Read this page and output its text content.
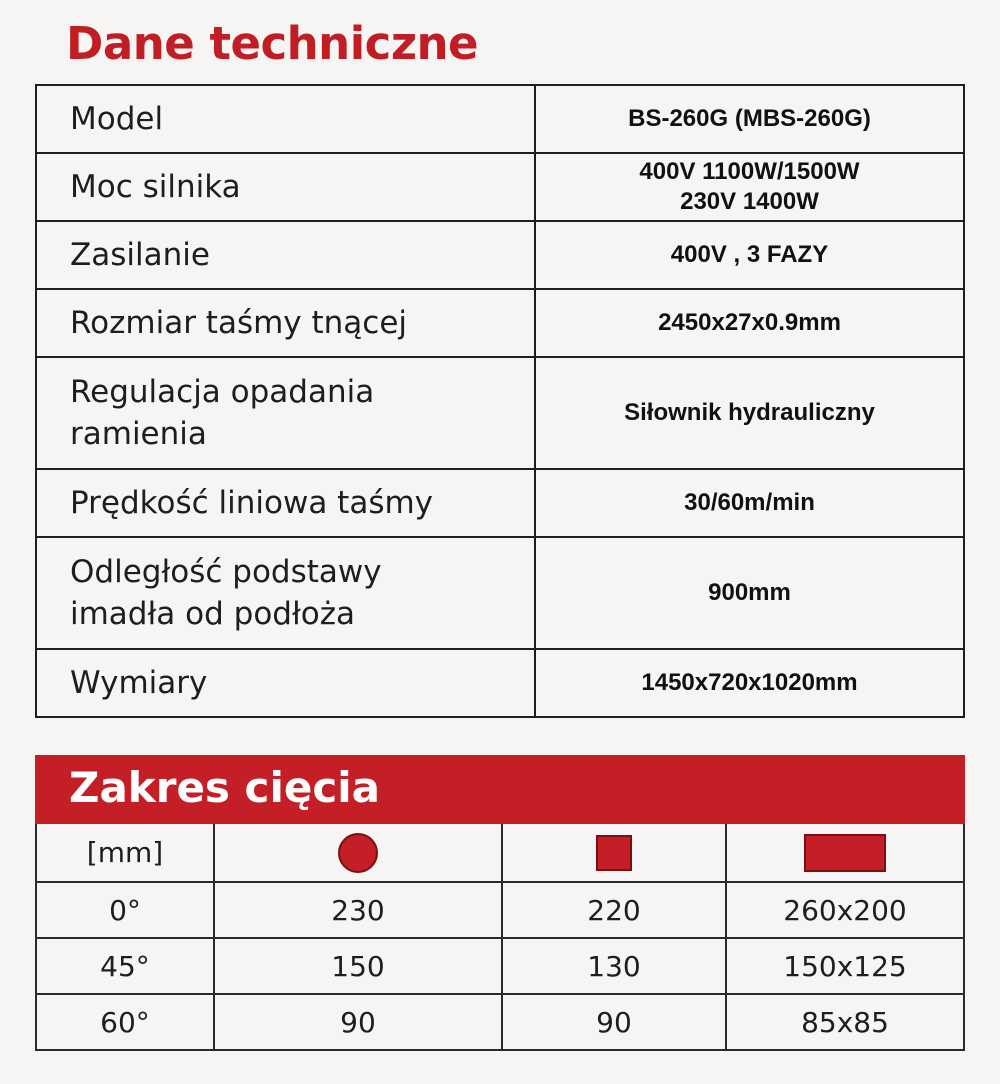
Dane techniczne
Model	BS-260G (MBS-260G)
Moc silnika	400V 1100W/1500W
230V 1400W

Zasilanie	400V , 3 FAZY
Rozmiar taśmy tnącej	2450x27x0.9mm

Regulacja opadania
ramienia	Siłownik hydrauliczny
Prędkość liniowa taśmy	30/60m/min

Odległość podstawy
imadła od podłoża	900mm
Wymiary	1450x720x1020mm
Zakres cięcia
[mm]			
0°	230	220	260x200
45°	150	130	150x125
60°	90	90	85x85
